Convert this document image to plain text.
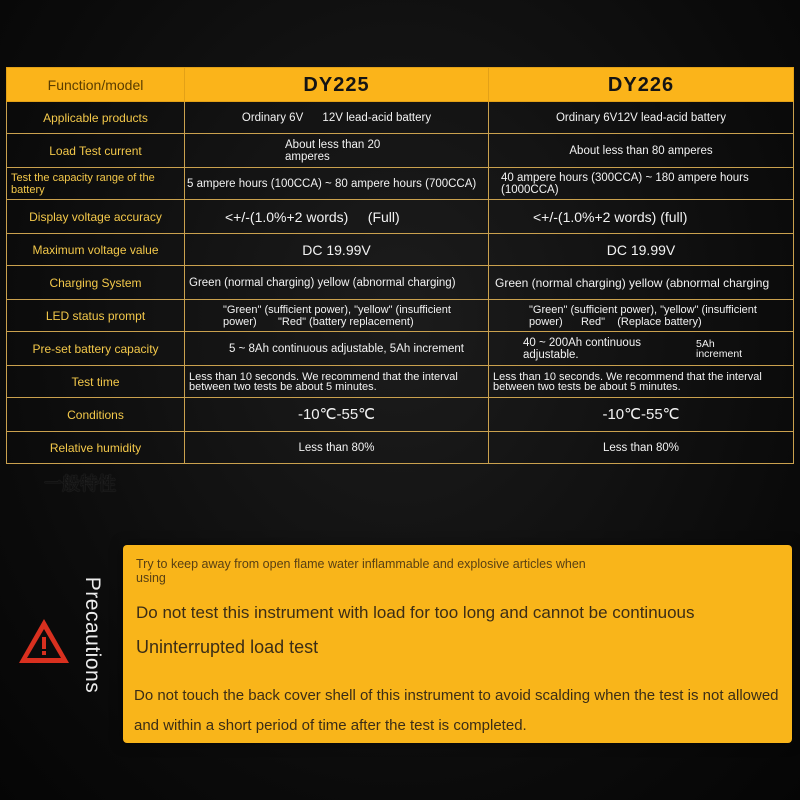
Function/model	DY225	DY226
Applicable products	Ordinary 6V      12V lead-acid battery	Ordinary 6V12V lead-acid battery
Load Test current	About less than 20 amperes	About less than 80 amperes
Test the capacity range of the battery	5 ampere hours (100CCA) ~ 80 ampere hours (700CCA)	40 ampere hours (300CCA) ~ 180 ampere hours (1000CCA)
Display voltage accuracy	<+/-(1.0%+2 words)     (Full)	<+/-(1.0%+2 words) (full)
Maximum voltage value	DC 19.99V	DC 19.99V
Charging System	Green (normal charging) yellow (abnormal charging)	Green (normal charging) yellow (abnormal charging
LED status prompt	"Green" (sufficient power), "yellow" (insufficient power)       "Red" (battery replacement)	"Green" (sufficient power), "yellow" (insufficient power)      Red"    (Replace battery)
Pre-set battery capacity	5 ~ 8Ah continuous adjustable, 5Ah increment	40 ~ 200Ah continuous adjustable.5Ah increment
Test time	Less than 10 seconds. We recommend that the interval between two tests be about 5 minutes.	Less than 10 seconds. We recommend that the interval between two tests be about 5 minutes.
Conditions	-10℃-55℃	-10℃-55℃
Relative humidity	Less than 80%	Less than 80%
一般特性
Precautions
Try to keep away from open flame water inflammable and explosive articles when using
Do not test this instrument with load for too long and cannot be continuous
Uninterrupted load test
Do not touch the back cover shell of this instrument to avoid scalding when the test is not allowed and within a short period of time after the test is completed.
